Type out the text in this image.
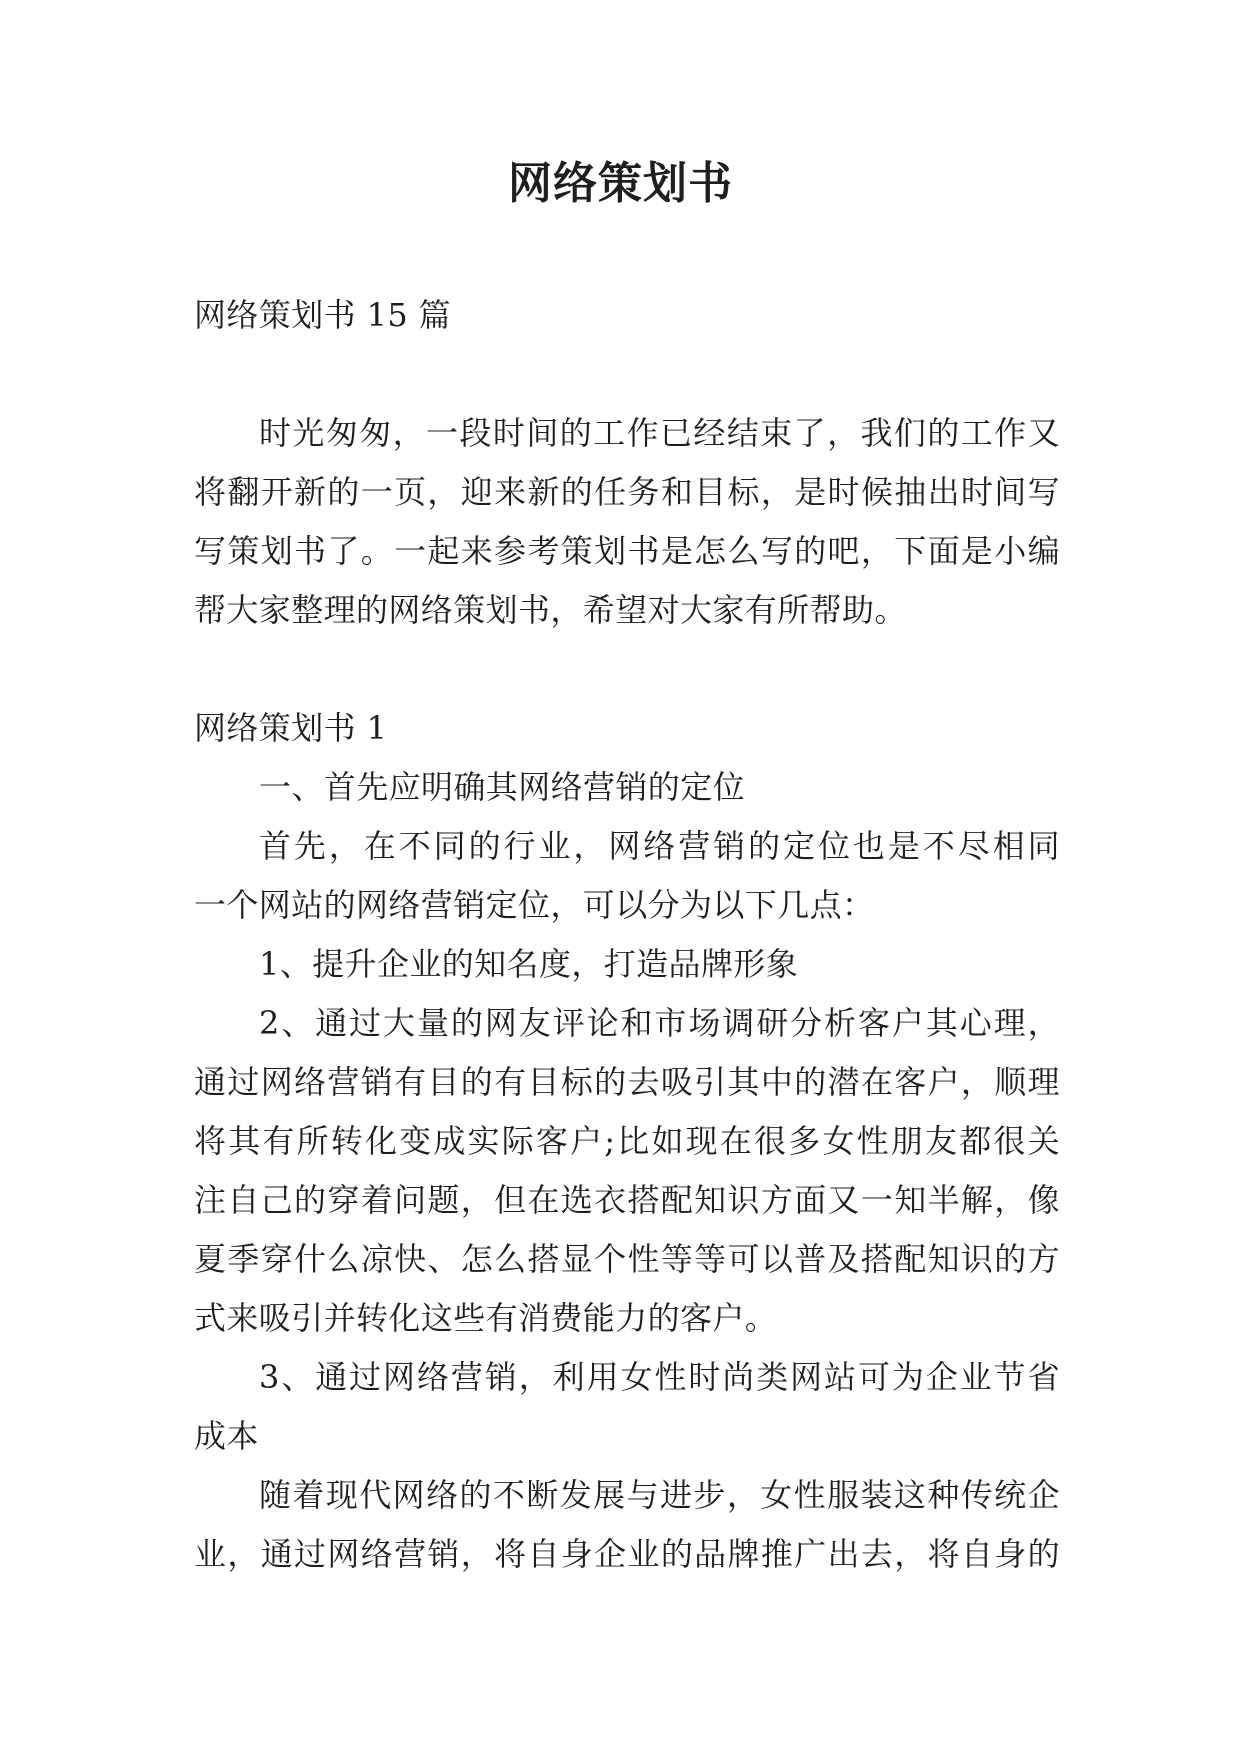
网络策划书
网络策划书 15 篇
时光匆匆，一段时间的工作已经结束了，我们的工作又
将翻开新的一页，迎来新的任务和目标，是时候抽出时间写
写策划书了。一起来参考策划书是怎么写的吧，下面是小编
帮大家整理的网络策划书，希望对大家有所帮助。
网络策划书 1
一、首先应明确其网络营销的定位
首先，在不同的行业，网络营销的定位也是不尽相同
一个网站的网络营销定位，可以分为以下几点：
1、提升企业的知名度，打造品牌形象
2、通过大量的网友评论和市场调研分析客户其心理，
通过网络营销有目的有目标的去吸引其中的潜在客户，顺理
将其有所转化变成实际客户;比如现在很多女性朋友都很关
注自己的穿着问题，但在选衣搭配知识方面又一知半解，像
夏季穿什么凉快、怎么搭显个性等等可以普及搭配知识的方
式来吸引并转化这些有消费能力的客户。
3、通过网络营销，利用女性时尚类网站可为企业节省
成本
随着现代网络的不断发展与进步，女性服装这种传统企
业，通过网络营销，将自身企业的品牌推广出去，将自身的
